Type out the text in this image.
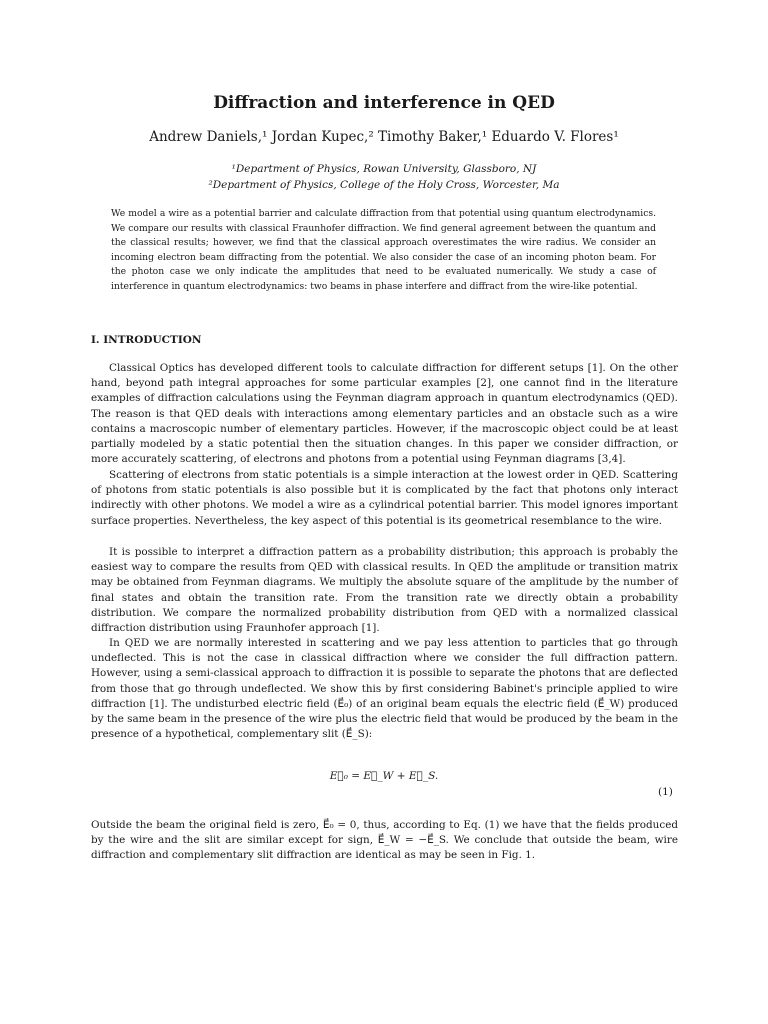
Diffraction and interference in QED
Andrew Daniels,¹ Jordan Kupec,² Timothy Baker,¹ Eduardo V. Flores¹
¹Department of Physics, Rowan University, Glassboro, NJ
²Department of Physics, College of the Holy Cross, Worcester, Ma
We model a wire as a potential barrier and calculate diffraction from that potential using quantum electrodynamics. We compare our results with classical Fraunhofer diffraction. We find general agreement between the quantum and the classical results; however, we find that the classical approach overestimates the wire radius. We consider an incoming electron beam diffracting from the potential. We also consider the case of an incoming photon beam. For the photon case we only indicate the amplitudes that need to be evaluated numerically. We study a case of interference in quantum electrodynamics: two beams in phase interfere and diffract from the wire-like potential.
I. INTRODUCTION

Classical Optics has developed different tools to calculate diffraction for different setups [1]. On the other hand, beyond path integral approaches for some particular examples [2], one cannot find in the literature examples of diffraction calculations using the Feynman diagram approach in quantum electrodynamics (QED). The reason is that QED deals with interactions among elementary particles and an obstacle such as a wire contains a macroscopic number of elementary particles. However, if the macroscopic object could be at least partially modeled by a static potential then the situation changes. In this paper we consider diffraction, or more accurately scattering, of electrons and photons from a potential using Feynman diagrams [3,4].

Scattering of electrons from static potentials is a simple interaction at the lowest order in QED. Scattering of photons from static potentials is also possible but it is complicated by the fact that photons only interact indirectly with other photons. We model a wire as a cylindrical potential barrier. This model ignores important surface properties. Nevertheless, the key aspect of this potential is its geometrical resemblance to the wire.

It is possible to interpret a diffraction pattern as a probability distribution; this approach is probably the easiest way to compare the results from QED with classical results. In QED the amplitude or transition matrix may be obtained from Feynman diagrams. We multiply the absolute square of the amplitude by the number of final states and obtain the transition rate. From the transition rate we directly obtain a probability distribution. We compare the normalized probability distribution from QED with a normalized classical diffraction distribution using Fraunhofer approach [1].

In QED we are normally interested in scattering and we pay less attention to particles that go through undeflected. This is not the case in classical diffraction where we consider the full diffraction pattern. However, using a semi-classical approach to diffraction it is possible to separate the photons that are deflected from those that go through undeflected. We show this by first considering Babinet's principle applied to wire diffraction [1]. The undisturbed electric field (E⃗₀) of an original beam equals the electric field (E⃗_W) produced by the same beam in the presence of the wire plus the electric field that would be produced by the beam in the presence of a hypothetical, complementary slit (E⃗_S):

E⃗₀ = E⃗_W + E⃗_S.
(1)

Outside the beam the original field is zero, E⃗₀ = 0, thus, according to Eq. (1) we have that the fields produced by the wire and the slit are similar except for sign, E⃗_W = −E⃗_S. We conclude that outside the beam, wire diffraction and complementary slit diffraction are identical as may be seen in Fig. 1.
